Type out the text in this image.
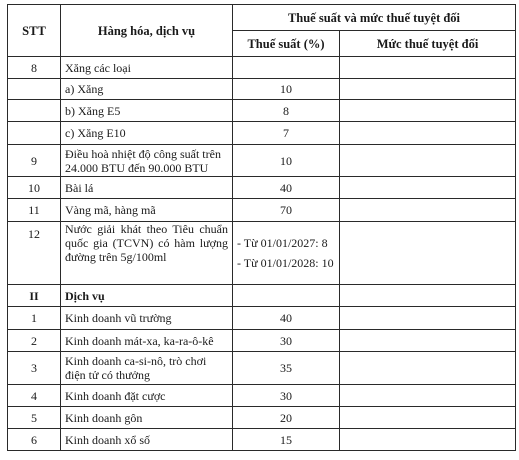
STT	Hàng hóa, dịch vụ	Thuế suất và mức thuế tuyệt đối	
		Thuế suất (%)	Mức thuế tuyệt đối
8	Xăng các loại		
	a) Xăng	10	
	b) Xăng E5	8	
	c) Xăng E10	7	
9	Điều hoà nhiệt độ công suất trên 24.000 BTU đến 90.000 BTU	10	
10	Bài lá	40	
11	Vàng mã, hàng mã	70	
12	Nước giải khát theo Tiêu chuẩn quốc gia (TCVN) có hàm lượng đường trên 5g/100ml	- Từ 01/01/2027: 8
- Từ 01/01/2028: 10	

II	Dịch vụ		
1	Kinh doanh vũ trường	40	
2	Kinh doanh mát-xa, ka-ra-ô-kê	30	
3	Kinh doanh ca-si-nô, trò chơi điện tử có thưởng	35	
4	Kinh doanh đặt cược	30	
5	Kinh doanh gôn	20	
6	Kinh doanh xổ số	15	
